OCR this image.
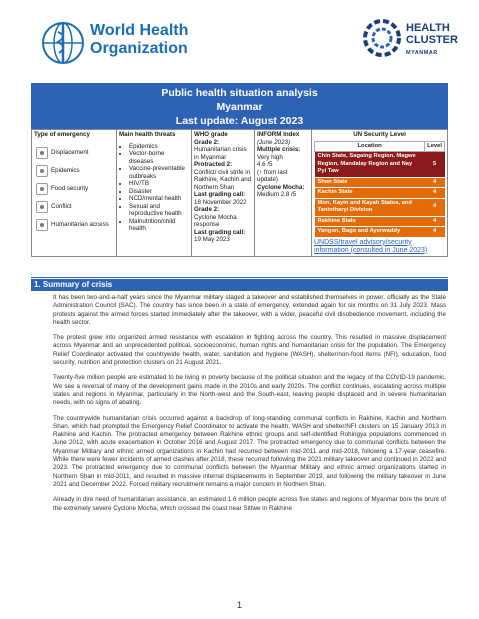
World Health
Organization
HEALTH
CLUSTER
MYANMAR
Public health situation analysis
Myanmar
Last update: August 2023
Type of emergency
Displacement
Epidemics
Food security
Conflict
Humanitarian access

Main health threats
• Epidemics
• Vector-borne diseases
• Vaccine-preventable outbreaks
• HIV/TB
• Disaster
• NCD/mental health
• Sexual and reproductive health
• Malnutrition/child health

WHO grade
Grade 2:
Humanitarian crisis in Myanmar
Protracted 2:
Conflict/ civil strife in Rakhine, Kachin and Northern Shan
Last grading call:
18 November 2022
Grade 2:
Cyclone Mocha response
Last grading call:
19 May 2023

INFORM Index
(June 2023)
Multiple crisis:
Very high
4.6 /5
(↑ from last update)
Cyclone Mocha:
Medium 2.8 /5

UN Security Level
Location	Level
Chin State, Sagaing Region, Magwe Region, Mandalay Region and Nay Pyi Taw	5
Shan State	4
Kachin State	4
Mon, Kayin and Kayah States, and Tanintharyi Division	4
Rakhine State	4
Yangon, Bago and Ayerwaddy	4
UNDSS/travel advisory/security information (consulted in June 2023)
1. Summary of crisis

It has been two-and-a-half years since the Myanmar military staged a takeover and established themselves in power, officially as the State Administration Council (SAC). The country has since been in a state of emergency, extended again for six months on 31 July 2023. Mass protests against the armed forces started immediately after the takeover, with a wider, peaceful civil disobedience movement, including the health sector.

The protest grew into organized armed resistance with escalation in fighting across the country. This resulted in massive displacement across Myanmar and an unprecedented political, socioeconomic, human rights and humanitarian crisis for the population. The Emergency Relief Coordinator activated the countrywide health, water, sanitation and hygiene (WASH), shelter/non-food items (NFI), education, food security, nutrition and protection clusters on 21 August 2021.

Twenty-five million people are estimated to be living in poverty because of the political situation and the legacy of the COVID-19 pandemic. We see a reversal of many of the development gains made in the 2010s and early 2020s. The conflict continues, escalating across multiple states and regions in Myanmar, particularly in the North-west and the South-east, leaving people displaced and in severe humanitarian needs, with no signs of abating.

The countrywide humanitarian crisis occurred against a backdrop of long-standing communal conflicts in Rakhine, Kachin and Northern Shan, which had prompted the Emergency Relief Coordinator to activate the health, WASH and shelter/NFI clusters on 15 January 2013 in Rakhine and Kachin. The protracted emergency between Rakhine ethnic groups and self-identified Rohingya populations commenced in June 2012, with acute exacerbation in October 2016 and August 2017. The protracted emergency due to communal conflicts between the Myanmar Military and ethnic armed organizations in Kachin had recurred between mid-2011 and mid-2018, following a 17-year ceasefire. While there were fewer incidents of armed clashes after 2018, these recurred following the 2021 military takeover and continued in 2022 and 2023. The protracted emergency due to communal conflicts between the Myanmar Military and ethnic armed organizations started in Northern Shan in mid-2011, and resulted in massive internal displacements in September 2019, and following the military takeover in June 2021 and December 2022. Forced military recruitment remains a major concern in Northern Shan.

Already in dire need of humanitarian assistance, an estimated 1.6 million people across five states and regions of Myanmar bore the brunt of the extremely severe Cyclone Mocha, which crossed the coast near Sittwe in Rakhine

1
